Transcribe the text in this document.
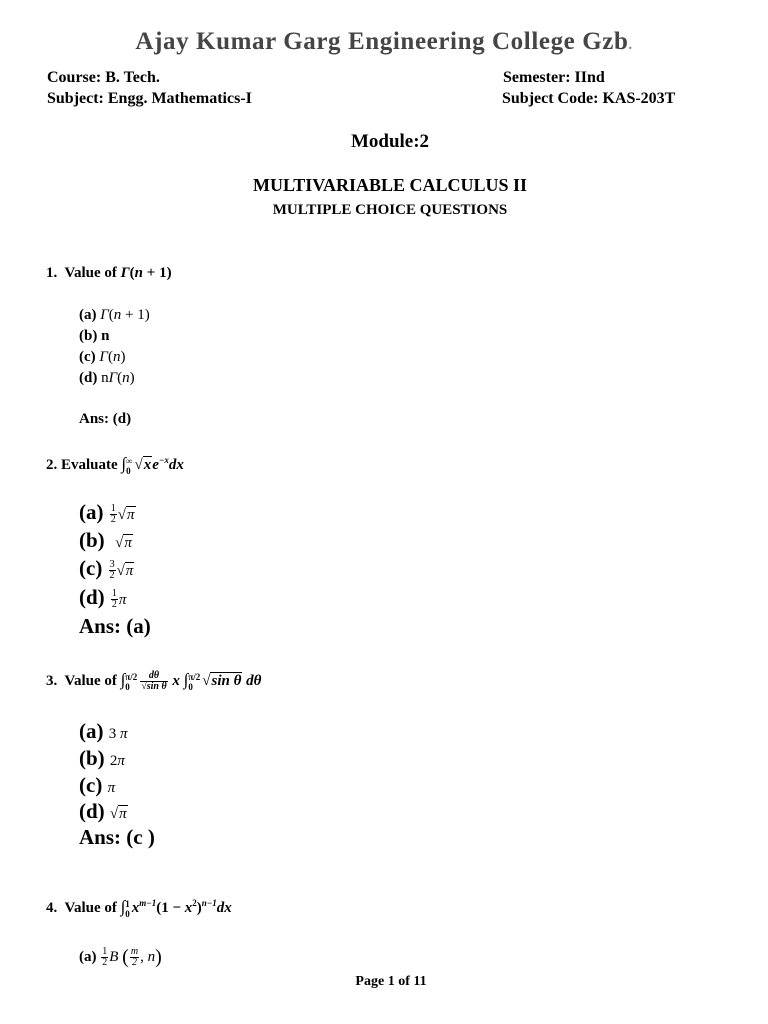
Ajay Kumar Garg Engineering College Gzb.
Course: B. Tech.	Semester: IInd
Subject: Engg. Mathematics-I	Subject Code: KAS-203T
Module:2
MULTIVARIABLE CALCULUS II
MULTIPLE CHOICE QUESTIONS
1. Value of Γ(n + 1)
(a) Γ(n + 1)
(b) n
(c) Γ(n)
(d) nΓ(n)
Ans: (d)
2. Evaluate ∫ ∞
0 $√xe^{-x}dx$
$(a) \frac{1}{2} √\pi$
(b) √π
$(c) \frac{3}{2} √\pi$
$(d) \frac{1}{2}$ π
Ans: (a)
3. Value of ∫ π/2
0	$\frac{d\theta}{\text{√sin θ}}$ x ∫ π/2
0 √sin θ dθ
(a) 3 π
(b) 2π
(c) π
(d) √π
Ans: (c )
4. Value of ∫ 1
0 $x^{m-1}(1 - x^2)^{n-1}dx$
$(a) \frac{1}{2}$ B ( $\frac{m}{2}$ , n)
Page 1 of 11
